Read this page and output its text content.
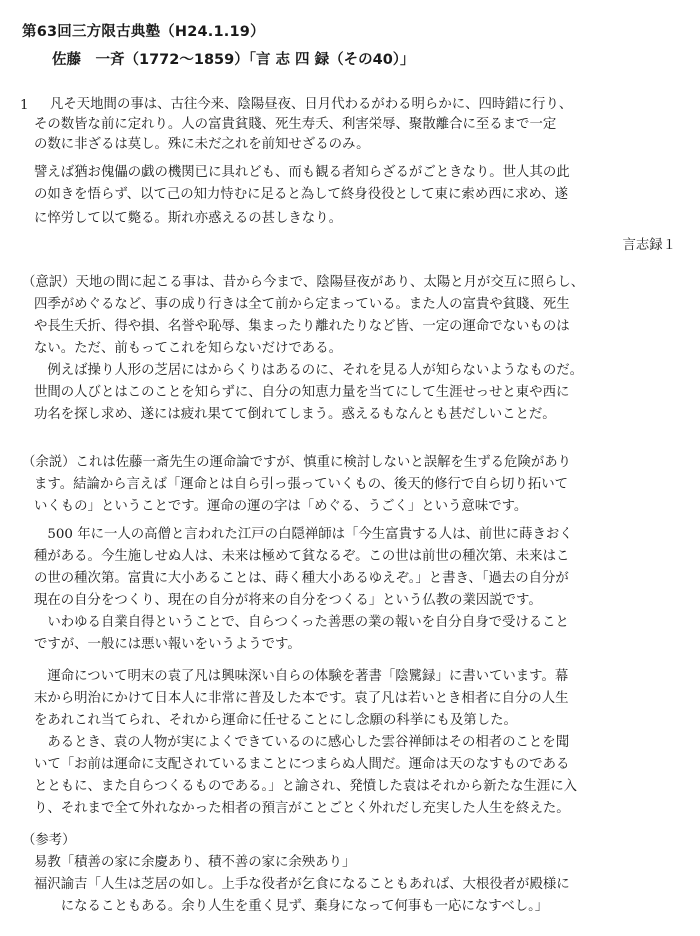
第63回三方限古典塾（H24.1.19）
佐藤　一斉（1772～1859）「言 志 四 録（その40）」
1 凡そ天地間の事は、古往今来、陰陽昼夜、日月代わるがわる明らかに、四時錯に行り、
その数皆な前に定れり。人の富貴貧賤、死生寿夭、利害栄辱、聚散離合に至るまで一定
の数に非ざるは莫し。殊に未だ之れを前知せざるのみ。
譬えば猶お傀儡の戯の機関已に具れども、而も観る者知らざるがごときなり。世人其の此
の如きを悟らず、以て己の知力恃むに足ると為して終身役役として東に索め西に求め、遂
に悴労して以て斃る。斯れ亦惑えるの甚しきなり。
言志録１
（意訳）天地の間に起こる事は、昔から今まで、陰陽昼夜があり、太陽と月が交互に照らし、
四季がめぐるなど、事の成り行きは全て前から定まっている。また人の富貴や貧賤、死生
や長生夭折、得や損、名誉や恥辱、集まったり離れたりなど皆、一定の運命でないものは
ない。ただ、前もってこれを知らないだけである。
　例えば操り人形の芝居にはからくりはあるのに、それを見る人が知らないようなものだ。
世間の人びとはこのことを知らずに、自分の知恵力量を当てにして生涯せっせと東や西に
功名を探し求め、遂には疲れ果てて倒れてしまう。惑えるもなんとも甚だしいことだ。
（余説）これは佐藤一斎先生の運命論ですが、慎重に検討しないと誤解を生ずる危険があり
ます。結論から言えば「運命とは自ら引っ張っていくもの、後天的修行で自ら切り拓いて
いくもの」ということです。運命の運の字は「めぐる、うごく」という意味です。
　500 年に一人の高僧と言われた江戸の白隠禅師は「今生富貴する人は、前世に蒔きおく
種がある。今生施しせぬ人は、未来は極めて貧なるぞ。この世は前世の種次第、未来はこ
の世の種次第。富貴に大小あることは、蒔く種大小あるゆえぞ。」と書き、「過去の自分が
現在の自分をつくり、現在の自分が将来の自分をつくる」という仏教の業因説です。
　いわゆる自業自得ということで、自らつくった善悪の業の報いを自分自身で受けること
ですが、一般には悪い報いをいうようです。
　運命について明末の袁了凡は興味深い自らの体験を著書「陰騭録」に書いています。幕
末から明治にかけて日本人に非常に普及した本です。袁了凡は若いとき相者に自分の人生
をあれこれ当てられ、それから運命に任せることにし念願の科挙にも及第した。
　あるとき、袁の人物が実によくできているのに感心した雲谷禅師はその相者のことを聞
いて「お前は運命に支配されているまことにつまらぬ人間だ。運命は天のなすものである
とともに、また自らつくるものである。」と諭され、発憤した袁はそれから新たな生涯に入
り、それまで全て外れなかった相者の預言がことごとく外れだし充実した人生を終えた。
（参考）
易教「積善の家に余慶あり、積不善の家に余殃あり」
福沢諭吉「人生は芝居の如し。上手な役者が乞食になることもあれば、大根役者が殿様に
　　になることもある。余り人生を重く見ず、棄身になって何事も一応になすべし。」
